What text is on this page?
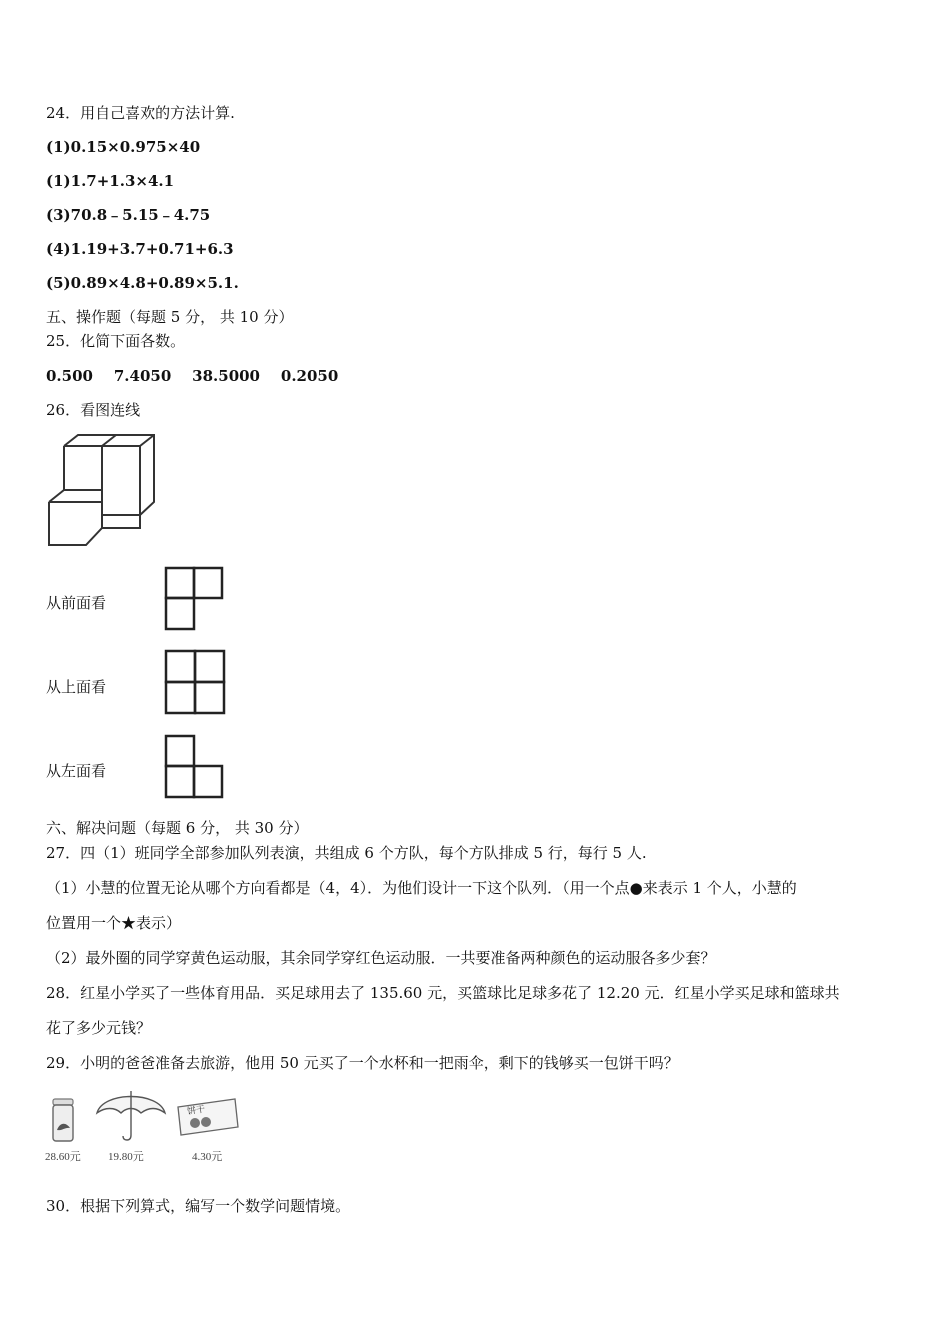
24．用自己喜欢的方法计算.
(1)0.15×0.975×40
(1)1.7+1.3×4.1
(3)70.8﹣5.15﹣4.75
(4)1.19+3.7+0.71+6.3
(5)0.89×4.8+0.89×5.1.
五、操作题（每题 5 分， 共 10 分）
25．化简下面各数。
0.500    7.4050    38.5000    0.2050
26．看图连线
从前面看
从上面看
从左面看
六、解决问题（每题 6 分， 共 30 分）
27．四（1）班同学全部参加队列表演，共组成 6 个方队，每个方队排成 5 行，每行 5 人.
（1）小慧的位置无论从哪个方向看都是（4，4）．为他们设计一下这个队列．（用一个点●来表示 1 个人，小慧的
位置用一个★表示）
（2）最外圈的同学穿黄色运动服，其余同学穿红色运动服．一共要准备两种颜色的运动服各多少套？
28．红星小学买了一些体育用品．买足球用去了 135.60 元，买篮球比足球多花了 12.20 元．红星小学买足球和篮球共
花了多少元钱？
29．小明的爸爸准备去旅游，他用 50 元买了一个水杯和一把雨伞，剩下的钱够买一包饼干吗？
28.60元 19.80元
饼干
4.30元
30．根据下列算式，编写一个数学问题情境。
